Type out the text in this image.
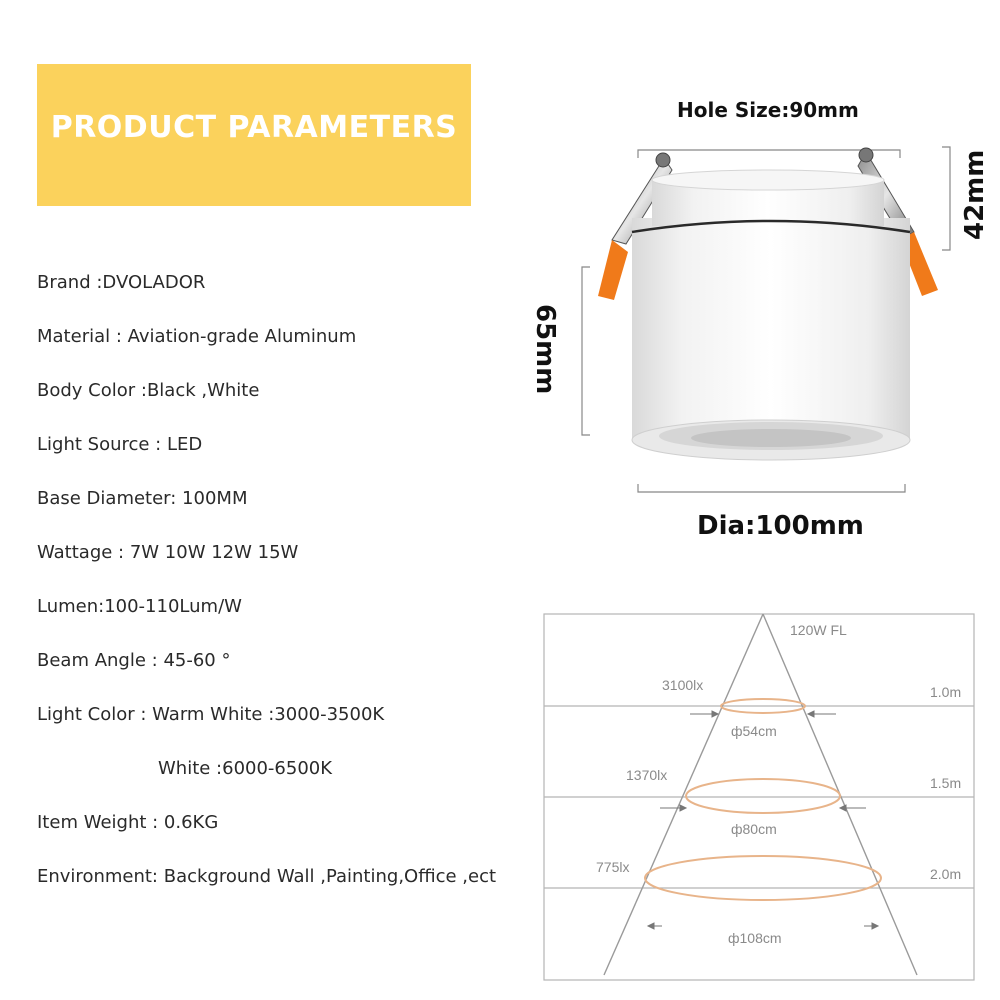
PRODUCT PARAMETERS
Brand :DVOLADOR
Material : Aviation-grade Aluminum
Body Color :Black ,White
Light Source : LED
Base Diameter: 100MM
Wattage : 7W 10W 12W 15W
Lumen:100-110Lum/W
Beam Angle : 45-60 °
Light Color : Warm White :3000-3500K
White :6000-6500K
Item Weight : 0.6KG
Environment: Background Wall ,Painting,Office ,ect
Hole Size:90mm
42mm
65mm
Dia:100mm
120W FL
3100lx	1.0m
ф54cm
1370lx	1.5m
ф80cm
775lx	2.0m
ф108cm
